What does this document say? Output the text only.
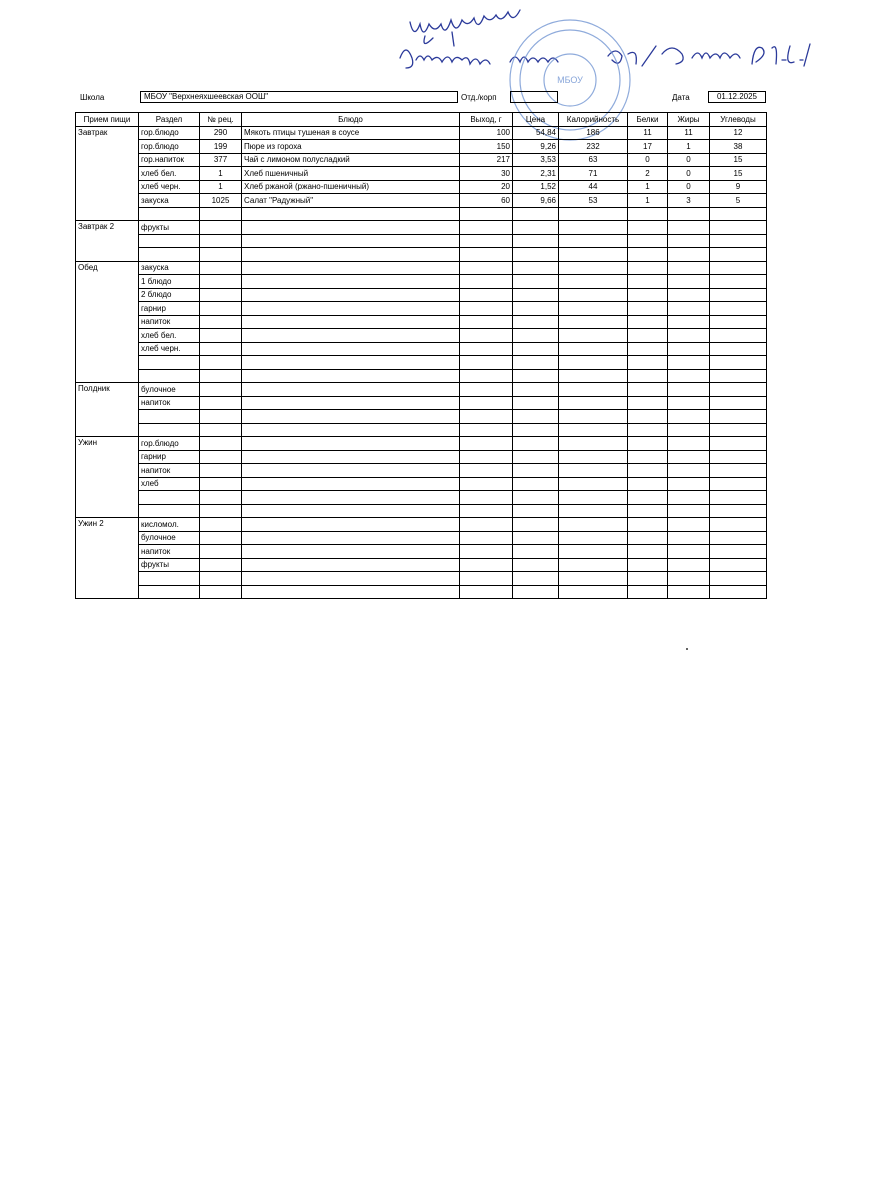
МБОУ
Школа	МБОУ "Верхнеяхшеевская ООШ"	Отд./корп	Дата	01.12.2025
Прием пищи	Раздел	№ рец.	Блюдо	Выход, г	Цена	Калорийность	Белки	Жиры	Углеводы
Завтрак	гор.блюдо	290	Мякоть птицы тушеная в соусе	100	54,84	186	11	11	12
	гор.блюдо	199	Пюре из гороха	150	9,26	232	17	1	38
	гор.напиток	377	Чай с лимоном полусладкий	217	3,53	63	0	0	15
	хлеб бел.	1	Хлеб пшеничный	30	2,31	71	2	0	15
	хлеб черн.	1	Хлеб ржаной (ржано-пшеничный)	20	1,52	44	1	0	9
	закуска	1025	Салат "Радужный"	60	9,66	53	1	3	5

Завтрак 2	фрукты								

Обед	закуска								
	1 блюдо								
	2 блюдо								
	гарнир								
	напиток								
	хлеб бел.								
	хлеб черн.								

Полдник	булочное								
	напиток								

Ужин	гор.блюдо								
	гарнир								
	напиток								
	хлеб								

Ужин 2	кисломол.								
	булочное								
	напиток								
	фрукты								
